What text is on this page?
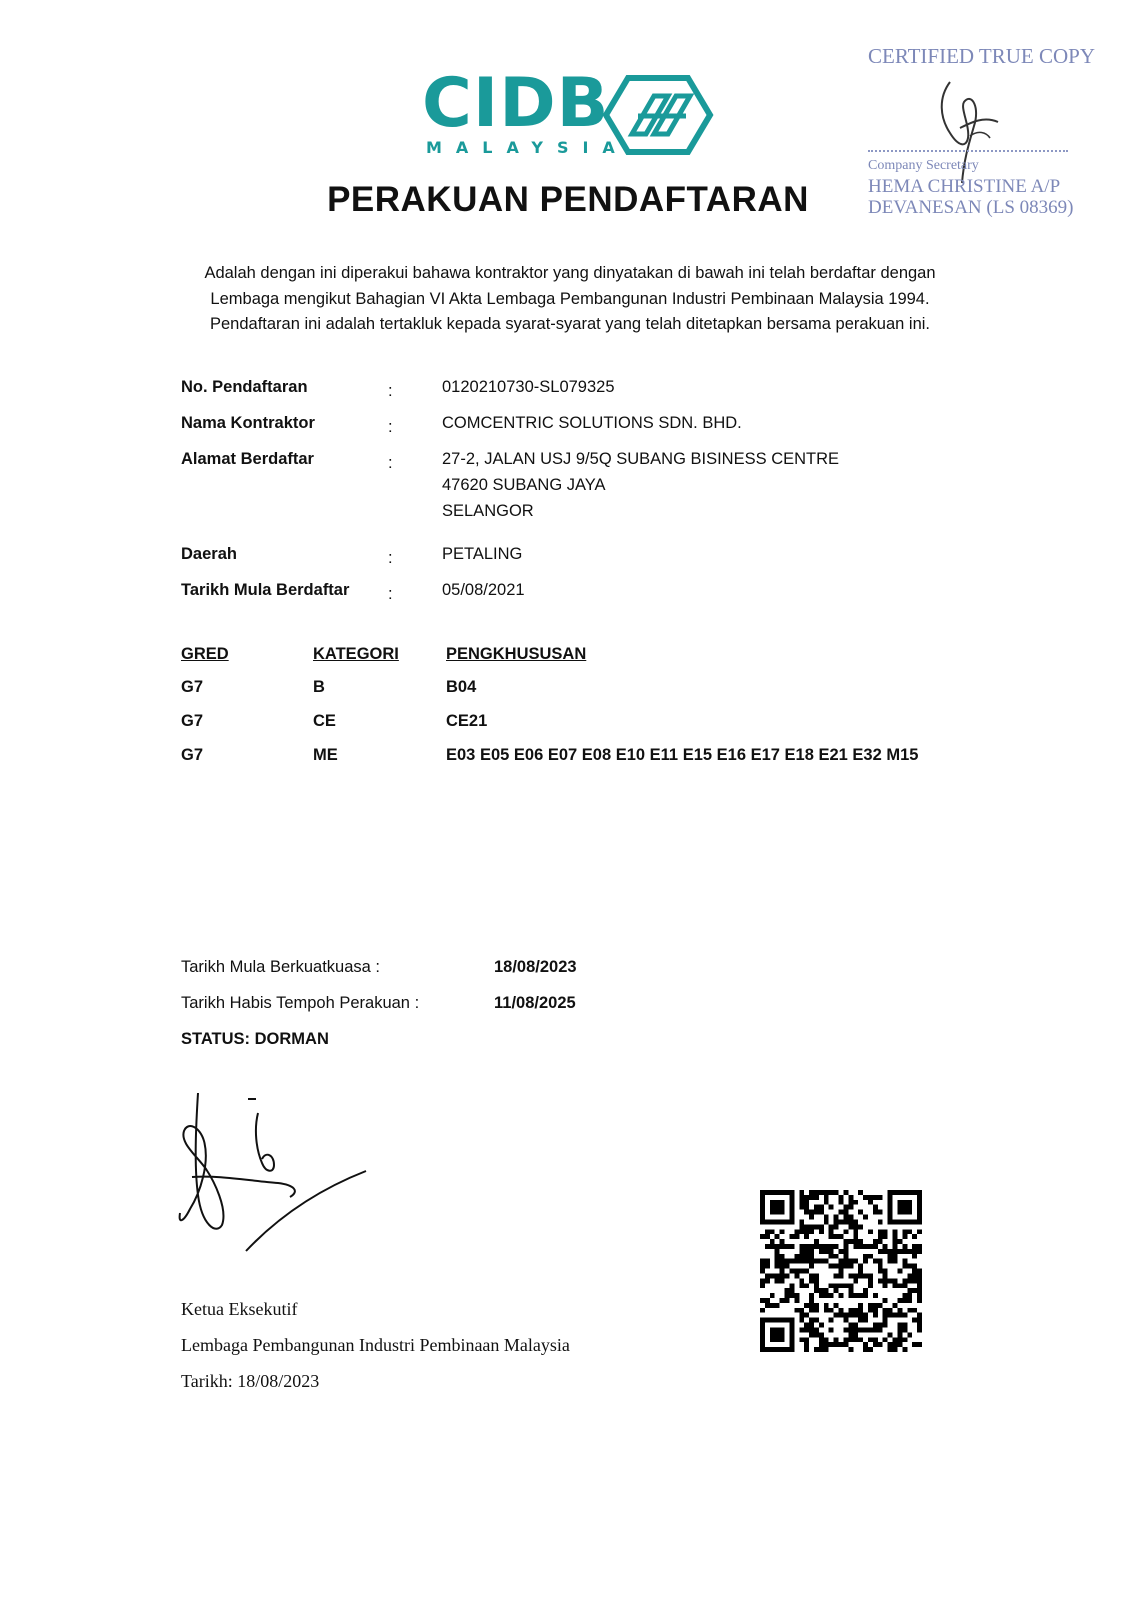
CIDB
MALAYSIA
CERTIFIED TRUE COPY
Company Secretary
HEMA CHRISTINE A/P
DEVANESAN (LS 08369)
PERAKUAN PENDAFTARAN
Adalah dengan ini diperakui bahawa kontraktor yang dinyatakan di bawah ini telah berdaftar dengan
Lembaga mengikut Bahagian VI Akta Lembaga Pembangunan Industri Pembinaan Malaysia 1994.
Pendaftaran ini adalah tertakluk kepada syarat-syarat yang telah ditetapkan bersama perakuan ini.
No. Pendaftaran	:	0120210730-SL079325
Nama Kontraktor	:	COMCENTRIC SOLUTIONS SDN. BHD.
Alamat Berdaftar	:	27-2, JALAN USJ 9/5Q SUBANG BISINESS CENTRE
47620 SUBANG JAYA
SELANGOR
Daerah	:	PETALING
Tarikh Mula Berdaftar :	05/08/2021
GRED	KATEGORI	PENGKHUSUSAN
G7	B	B04
G7	CE	CE21
G7	ME	E03 E05 E06 E07 E08 E10 E11 E15 E16 E17 E18 E21 E32 M15
Tarikh Mula Berkuatkuasa :	18/08/2023
Tarikh Habis Tempoh Perakuan :	11/08/2025
STATUS: DORMAN
Ketua Eksekutif
Lembaga Pembangunan Industri Pembinaan Malaysia
Tarikh: 18/08/2023
